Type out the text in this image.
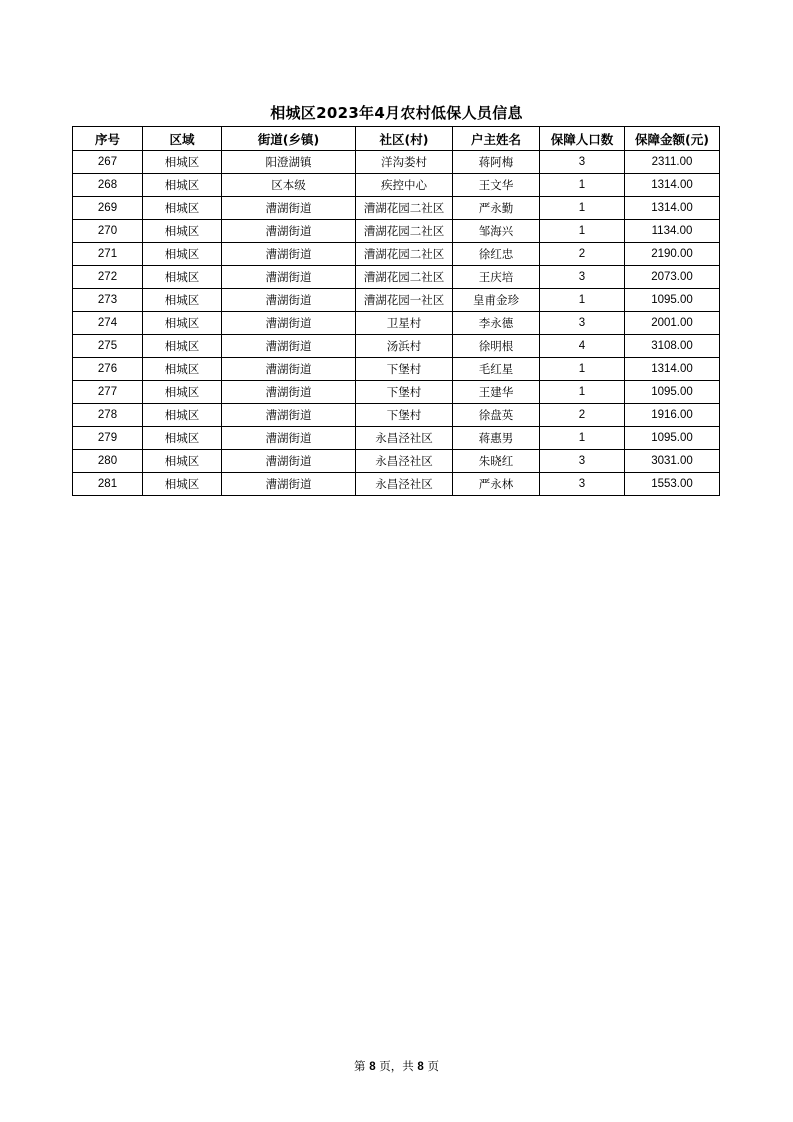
相城区2023年4月农村低保人员信息
序号	区域	街道(乡镇)	社区(村)	户主姓名	保障人口数	保障金额(元)
267	相城区	阳澄湖镇	洋沟娄村	蒋阿梅	3	2311.00
268	相城区	区本级	疾控中心	王文华	1	1314.00
269	相城区	漕湖街道	漕湖花园二社区	严永勤	1	1314.00
270	相城区	漕湖街道	漕湖花园二社区	邹海兴	1	1134.00
271	相城区	漕湖街道	漕湖花园二社区	徐红忠	2	2190.00
272	相城区	漕湖街道	漕湖花园二社区	王庆培	3	2073.00
273	相城区	漕湖街道	漕湖花园一社区	皇甫金珍	1	1095.00
274	相城区	漕湖街道	卫星村	李永德	3	2001.00
275	相城区	漕湖街道	汤浜村	徐明根	4	3108.00
276	相城区	漕湖街道	下堡村	毛红星	1	1314.00
277	相城区	漕湖街道	下堡村	王建华	1	1095.00
278	相城区	漕湖街道	下堡村	徐盘英	2	1916.00
279	相城区	漕湖街道	永昌泾社区	蒋惠男	1	1095.00
280	相城区	漕湖街道	永昌泾社区	朱晓红	3	3031.00
281	相城区	漕湖街道	永昌泾社区	严永林	3	1553.00
第 8 页，共 8 页
